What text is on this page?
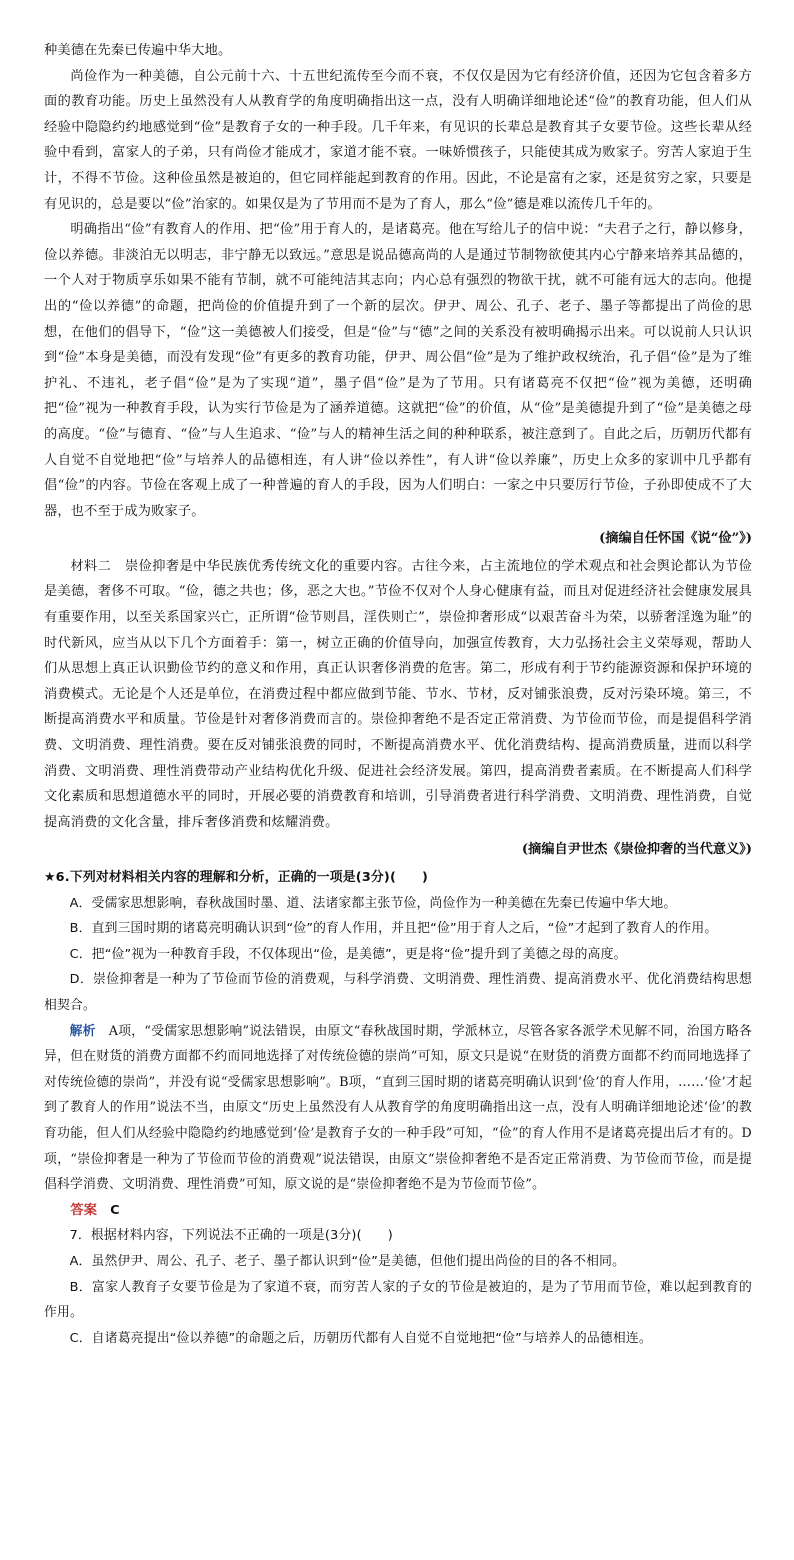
种美德在先秦已传遍中华大地。

尚俭作为一种美德，自公元前十六、十五世纪流传至今而不衰，不仅仅是因为它有经济价值，还因为它包含着多方面的教育功能。历史上虽然没有人从教育学的角度明确指出这一点，没有人明确详细地论述“俭”的教育功能，但人们从经验中隐隐约约地感觉到“俭”是教育子女的一种手段。几千年来，有见识的长辈总是教育其子女要节俭。这些长辈从经验中看到，富家人的子弟，只有尚俭才能成才，家道才能不衰。一味娇惯孩子，只能使其成为败家子。穷苦人家迫于生计，不得不节俭。这种俭虽然是被迫的，但它同样能起到教育的作用。因此，不论是富有之家，还是贫穷之家，只要是有见识的，总是要以“俭”治家的。如果仅是为了节用而不是为了育人，那么“俭”德是难以流传几千年的。

明确指出“俭”有教育人的作用、把“俭”用于育人的，是诸葛亮。他在写给儿子的信中说：“夫君子之行，静以修身，俭以养德。非淡泊无以明志，非宁静无以致远。”意思是说品德高尚的人是通过节制物欲使其内心宁静来培养其品德的，一个人对于物质享乐如果不能有节制，就不可能纯洁其志向；内心总有强烈的物欲干扰，就不可能有远大的志向。他提出的“俭以养德”的命题，把尚俭的价值提升到了一个新的层次。伊尹、周公、孔子、老子、墨子等都提出了尚俭的思想，在他们的倡导下，“俭”这一美德被人们接受，但是“俭”与“德”之间的关系没有被明确揭示出来。可以说前人只认识到“俭”本身是美德，而没有发现“俭”有更多的教育功能，伊尹、周公倡“俭”是为了维护政权统治，孔子倡“俭”是为了维护礼、不违礼，老子倡“俭”是为了实现“道”，墨子倡“俭”是为了节用。只有诸葛亮不仅把“俭”视为美德，还明确把“俭”视为一种教育手段，认为实行节俭是为了涵养道德。这就把“俭”的价值，从“俭”是美德提升到了“俭”是美德之母的高度。“俭”与德育、“俭”与人生追求、“俭”与人的精神生活之间的种种联系，被注意到了。自此之后，历朝历代都有人自觉不自觉地把“俭”与培养人的品德相连，有人讲“俭以养性”，有人讲“俭以养廉”，历史上众多的家训中几乎都有倡“俭”的内容。节俭在客观上成了一种普遍的育人的手段，因为人们明白：一家之中只要厉行节俭，子孙即使成不了大器，也不至于成为败家子。

(摘编自任怀国《说“俭”》)

材料二　崇俭抑奢是中华民族优秀传统文化的重要内容。古往今来，占主流地位的学术观点和社会舆论都认为节俭是美德，奢侈不可取。“俭，德之共也；侈，恶之大也。”节俭不仅对个人身心健康有益，而且对促进经济社会健康发展具有重要作用，以至关系国家兴亡，正所谓“俭节则昌，淫佚则亡”，崇俭抑奢形成“以艰苦奋斗为荣，以骄奢淫逸为耻”的时代新风，应当从以下几个方面着手：第一，树立正确的价值导向，加强宣传教育，大力弘扬社会主义荣辱观，帮助人们从思想上真正认识勤俭节约的意义和作用，真正认识奢侈消费的危害。第二，形成有利于节约能源资源和保护环境的消费模式。无论是个人还是单位，在消费过程中都应做到节能、节水、节材，反对铺张浪费，反对污染环境。第三，不断提高消费水平和质量。节俭是针对奢侈消费而言的。崇俭抑奢绝不是否定正常消费、为节俭而节俭，而是提倡科学消费、文明消费、理性消费。要在反对铺张浪费的同时，不断提高消费水平、优化消费结构、提高消费质量，进而以科学消费、文明消费、理性消费带动产业结构优化升级、促进社会经济发展。第四，提高消费者素质。在不断提高人们科学文化素质和思想道德水平的同时，开展必要的消费教育和培训，引导消费者进行科学消费、文明消费、理性消费，自觉提高消费的文化含量，排斥奢侈消费和炫耀消费。

(摘编自尹世杰《崇俭抑奢的当代意义》)

★6.下列对材料相关内容的理解和分析，正确的一项是(3分)(　　)

A．受儒家思想影响，春秋战国时墨、道、法诸家都主张节俭，尚俭作为一种美德在先秦已传遍中华大地。

B．直到三国时期的诸葛亮明确认识到“俭”的育人作用，并且把“俭”用于育人之后，“俭”才起到了教育人的作用。

C．把“俭”视为一种教育手段，不仅体现出“俭，是美德”，更是将“俭”提升到了美德之母的高度。

D．崇俭抑奢是一种为了节俭而节俭的消费观，与科学消费、文明消费、理性消费、提高消费水平、优化消费结构思想相契合。

解析　A项，“受儒家思想影响”说法错误，由原文“春秋战国时期，学派林立，尽管各家各派学术见解不同，治国方略各异，但在财货的消费方面都不约而同地选择了对传统俭德的崇尚”可知，原文只是说“在财货的消费方面都不约而同地选择了对传统俭德的崇尚”，并没有说“受儒家思想影响”。B项，“直到三国时期的诸葛亮明确认识到‘俭’的育人作用，……‘俭’才起到了教育人的作用”说法不当，由原文“历史上虽然没有人从教育学的角度明确指出这一点，没有人明确详细地论述‘俭’的教育功能，但人们从经验中隐隐约约地感觉到‘俭’是教育子女的一种手段”可知，“俭”的育人作用不是诸葛亮提出后才有的。D项，“崇俭抑奢是一种为了节俭而节俭的消费观”说法错误，由原文“崇俭抑奢绝不是否定正常消费、为节俭而节俭，而是提倡科学消费、文明消费、理性消费”可知，原文说的是“崇俭抑奢绝不是为节俭而节俭”。

答案　C

7．根据材料内容，下列说法不正确的一项是(3分)(　　)

A．虽然伊尹、周公、孔子、老子、墨子都认识到“俭”是美德，但他们提出尚俭的目的各不相同。

B．富家人教育子女要节俭是为了家道不衰，而穷苦人家的子女的节俭是被迫的，是为了节用而节俭，难以起到教育的作用。

C．自诸葛亮提出“俭以养德”的命题之后，历朝历代都有人自觉不自觉地把“俭”与培养人的品德相连。
